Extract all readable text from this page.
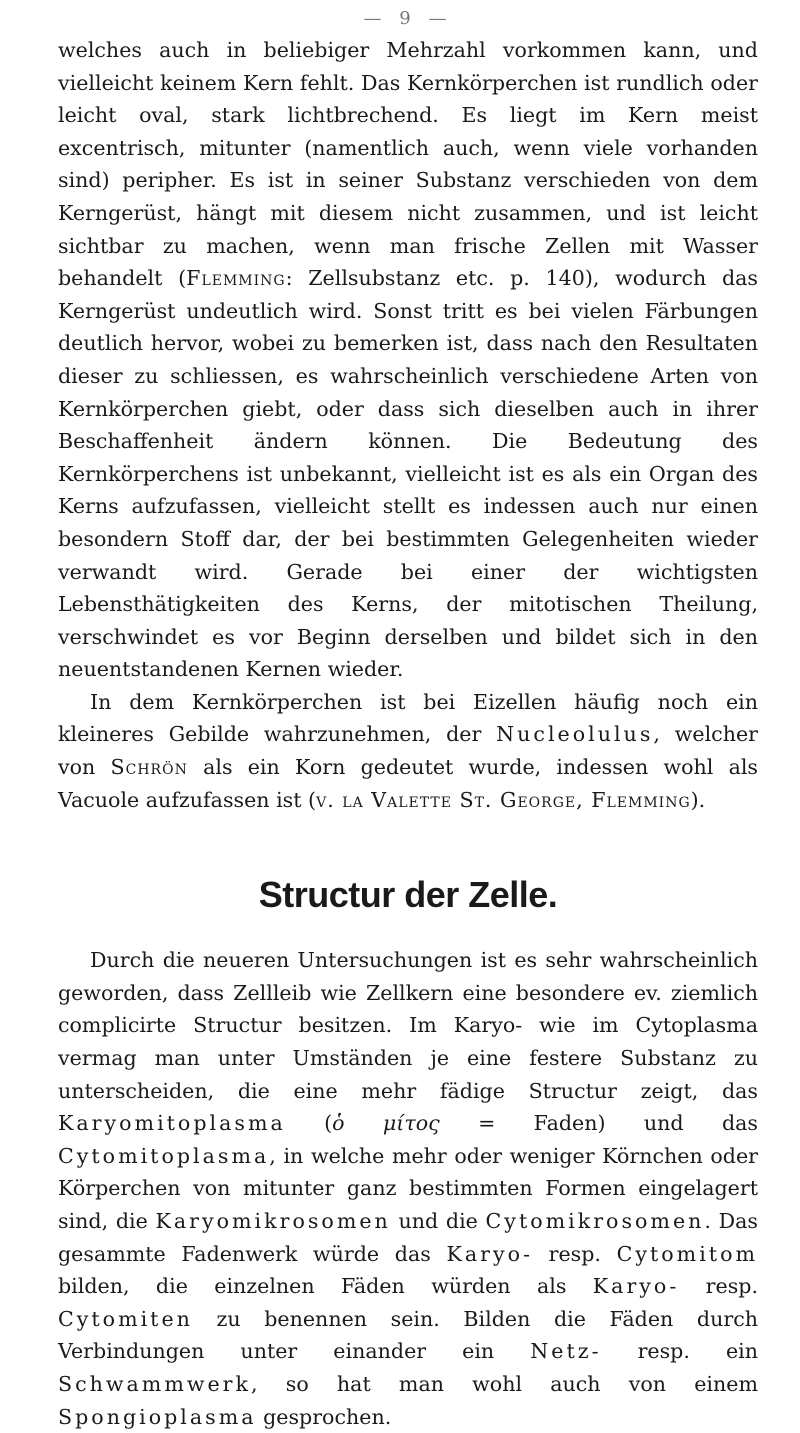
— 9 —

welches auch in beliebiger Mehrzahl vorkommen kann, und vielleicht keinem Kern fehlt. Das Kernkörperchen ist rundlich oder leicht oval, stark lichtbrechend. Es liegt im Kern meist excentrisch, mitunter (namentlich auch, wenn viele vorhanden sind) peripher. Es ist in seiner Substanz verschieden von dem Kerngerüst, hängt mit diesem nicht zusammen, und ist leicht sichtbar zu machen, wenn man frische Zellen mit Wasser behandelt (Flemming: Zellsubstanz etc. p. 140), wodurch das Kerngerüst undeutlich wird. Sonst tritt es bei vielen Färbungen deutlich hervor, wobei zu bemerken ist, dass nach den Resultaten dieser zu schliessen, es wahrscheinlich verschiedene Arten von Kernkörperchen giebt, oder dass sich dieselben auch in ihrer Beschaffenheit ändern können. Die Bedeutung des Kernkörperchens ist unbekannt, vielleicht ist es als ein Organ des Kerns aufzufassen, vielleicht stellt es indessen auch nur einen besondern Stoff dar, der bei bestimmten Gelegenheiten wieder verwandt wird. Gerade bei einer der wichtigsten Lebensthätigkeiten des Kerns, der mitotischen Theilung, verschwindet es vor Beginn derselben und bildet sich in den neuentstandenen Kernen wieder.

In dem Kernkörperchen ist bei Eizellen häufig noch ein kleineres Gebilde wahrzunehmen, der Nucleolulus, welcher von Schrön als ein Korn gedeutet wurde, indessen wohl als Vacuole aufzufassen ist (v. la Valette St. George, Flemming).

Structur der Zelle.

Durch die neueren Untersuchungen ist es sehr wahrscheinlich geworden, dass Zellleib wie Zellkern eine besondere ev. ziemlich complicirte Structur besitzen. Im Karyo- wie im Cytoplasma vermag man unter Umständen je eine festere Substanz zu unterscheiden, die eine mehr fädige Structur zeigt, das Karyomitoplasma (ὁ μίτος = Faden) und das Cytomitoplasma, in welche mehr oder weniger Körnchen oder Körperchen von mitunter ganz bestimmten Formen eingelagert sind, die Karyomikrosomen und die Cytomikrosomen. Das gesammte Fadenwerk würde das Karyo- resp. Cytomitom bilden, die einzelnen Fäden würden als Karyo- resp. Cytomiten zu benennen sein. Bilden die Fäden durch Verbindungen unter einander ein Netz- resp. ein Schwammwerk, so hat man wohl auch von einem Spongioplasma gesprochen.
